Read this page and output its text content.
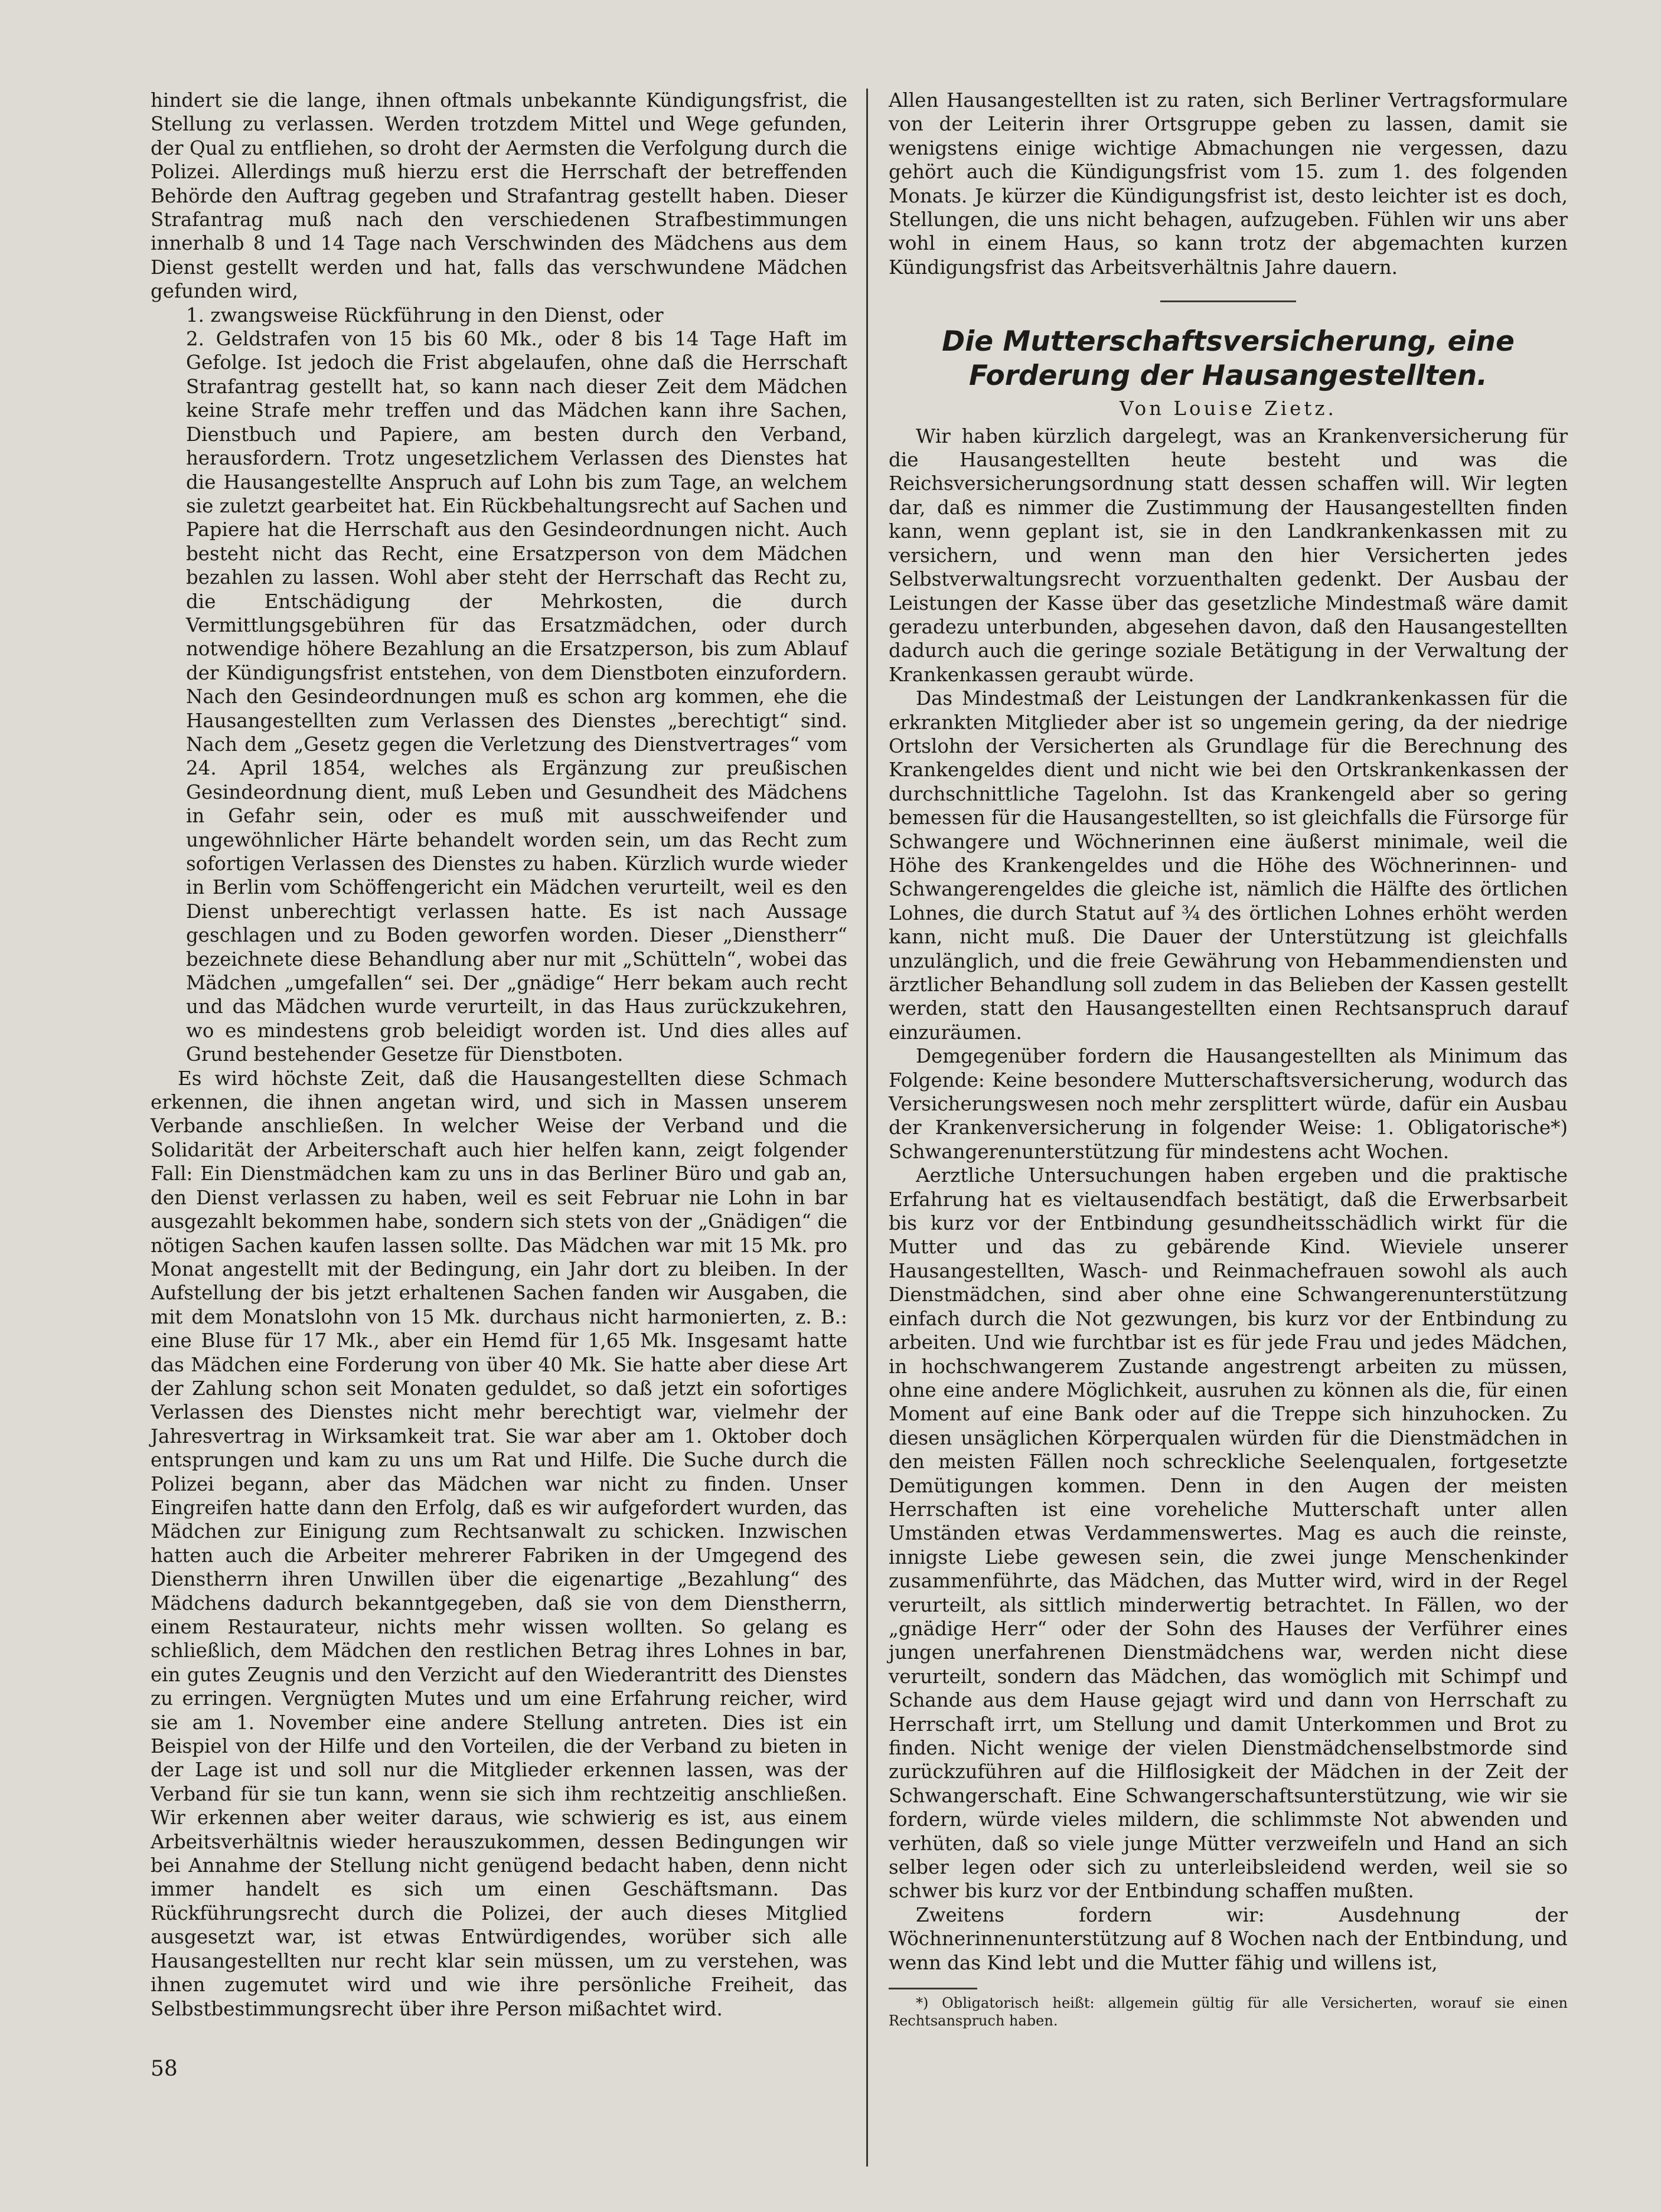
hindert sie die lange, ihnen oftmals unbekannte Kündigungsfrist, die Stellung zu verlassen. Werden trotzdem Mittel und Wege gefunden, der Qual zu entfliehen, so droht der Aermsten die Verfolgung durch die Polizei. Allerdings muß hierzu erst die Herrschaft der betreffenden Behörde den Auftrag gegeben und Strafantrag gestellt haben. Dieser Strafantrag muß nach den verschiedenen Strafbestimmungen innerhalb 8 und 14 Tage nach Verschwinden des Mädchens aus dem Dienst gestellt werden und hat, falls das verschwundene Mädchen gefunden wird,

1. zwangsweise Rückführung in den Dienst, oder

2. Geldstrafen von 15 bis 60 Mk., oder 8 bis 14 Tage Haft im Gefolge. Ist jedoch die Frist abgelaufen, ohne daß die Herrschaft Strafantrag gestellt hat, so kann nach dieser Zeit dem Mädchen keine Strafe mehr treffen und das Mädchen kann ihre Sachen, Dienstbuch und Papiere, am besten durch den Verband, herausfordern. Trotz ungesetzlichem Verlassen des Dienstes hat die Hausangestellte Anspruch auf Lohn bis zum Tage, an welchem sie zuletzt gearbeitet hat. Ein Rückbehaltungsrecht auf Sachen und Papiere hat die Herrschaft aus den Gesindeordnungen nicht. Auch besteht nicht das Recht, eine Ersatzperson von dem Mädchen bezahlen zu lassen. Wohl aber steht der Herrschaft das Recht zu, die Entschädigung der Mehrkosten, die durch Vermittlungsgebühren für das Ersatzmädchen, oder durch notwendige höhere Bezahlung an die Ersatzperson, bis zum Ablauf der Kündigungsfrist entstehen, von dem Dienstboten einzufordern. Nach den Gesindeordnungen muß es schon arg kommen, ehe die Hausangestellten zum Verlassen des Dienstes „berechtigt“ sind. Nach dem „Gesetz gegen die Verletzung des Dienstvertrages“ vom 24. April 1854, welches als Ergänzung zur preußischen Gesindeordnung dient, muß Leben und Gesundheit des Mädchens in Gefahr sein, oder es muß mit ausschweifender und ungewöhnlicher Härte behandelt worden sein, um das Recht zum sofortigen Verlassen des Dienstes zu haben. Kürzlich wurde wieder in Berlin vom Schöffengericht ein Mädchen verurteilt, weil es den Dienst unberechtigt verlassen hatte. Es ist nach Aussage geschlagen und zu Boden geworfen worden. Dieser „Dienstherr“ bezeichnete diese Behandlung aber nur mit „Schütteln“, wobei das Mädchen „umgefallen“ sei. Der „gnädige“ Herr bekam auch recht und das Mädchen wurde verurteilt, in das Haus zurückzukehren, wo es mindestens grob beleidigt worden ist. Und dies alles auf Grund bestehender Gesetze für Dienstboten.

Es wird höchste Zeit, daß die Hausangestellten diese Schmach erkennen, die ihnen angetan wird, und sich in Massen unserem Verbande anschließen. In welcher Weise der Verband und die Solidarität der Arbeiterschaft auch hier helfen kann, zeigt folgender Fall: Ein Dienstmädchen kam zu uns in das Berliner Büro und gab an, den Dienst verlassen zu haben, weil es seit Februar nie Lohn in bar ausgezahlt bekommen habe, sondern sich stets von der „Gnädigen“ die nötigen Sachen kaufen lassen sollte. Das Mädchen war mit 15 Mk. pro Monat angestellt mit der Bedingung, ein Jahr dort zu bleiben. In der Aufstellung der bis jetzt erhaltenen Sachen fanden wir Ausgaben, die mit dem Monatslohn von 15 Mk. durchaus nicht harmonierten, z. B.: eine Bluse für 17 Mk., aber ein Hemd für 1,65 Mk. Insgesamt hatte das Mädchen eine Forderung von über 40 Mk. Sie hatte aber diese Art der Zahlung schon seit Monaten geduldet, so daß jetzt ein sofortiges Verlassen des Dienstes nicht mehr berechtigt war, vielmehr der Jahresvertrag in Wirksamkeit trat. Sie war aber am 1. Oktober doch entsprungen und kam zu uns um Rat und Hilfe. Die Suche durch die Polizei begann, aber das Mädchen war nicht zu finden. Unser Eingreifen hatte dann den Erfolg, daß es wir aufgefordert wurden, das Mädchen zur Einigung zum Rechtsanwalt zu schicken. Inzwischen hatten auch die Arbeiter mehrerer Fabriken in der Umgegend des Dienstherrn ihren Unwillen über die eigenartige „Bezahlung“ des Mädchens dadurch bekanntgegeben, daß sie von dem Dienstherrn, einem Restaurateur, nichts mehr wissen wollten. So gelang es schließlich, dem Mädchen den restlichen Betrag ihres Lohnes in bar, ein gutes Zeugnis und den Verzicht auf den Wiederantritt des Dienstes zu erringen. Vergnügten Mutes und um eine Erfahrung reicher, wird sie am 1. November eine andere Stellung antreten. Dies ist ein Beispiel von der Hilfe und den Vorteilen, die der Verband zu bieten in der Lage ist und soll nur die Mitglieder erkennen lassen, was der Verband für sie tun kann, wenn sie sich ihm rechtzeitig anschließen. Wir erkennen aber weiter daraus, wie schwierig es ist, aus einem Arbeitsverhältnis wieder herauszukommen, dessen Bedingungen wir bei Annahme der Stellung nicht genügend bedacht haben, denn nicht immer handelt es sich um einen Geschäftsmann. Das Rückführungsrecht durch die Polizei, der auch dieses Mitglied ausgesetzt war, ist etwas Entwürdigendes, worüber sich alle Hausangestellten nur recht klar sein müssen, um zu verstehen, was ihnen zugemutet wird und wie ihre persönliche Freiheit, das Selbstbestimmungsrecht über ihre Person mißachtet wird.

Allen Hausangestellten ist zu raten, sich Berliner Vertragsformulare von der Leiterin ihrer Ortsgruppe geben zu lassen, damit sie wenigstens einige wichtige Abmachungen nie vergessen, dazu gehört auch die Kündigungsfrist vom 15. zum 1. des folgenden Monats. Je kürzer die Kündigungsfrist ist, desto leichter ist es doch, Stellungen, die uns nicht behagen, aufzugeben. Fühlen wir uns aber wohl in einem Haus, so kann trotz der abgemachten kurzen Kündigungsfrist das Arbeitsverhältnis Jahre dauern.

Die Mutterschaftsversicherung, eine Forderung der Hausangestellten.
Von Louise Zietz.

Wir haben kürzlich dargelegt, was an Krankenversicherung für die Hausangestellten heute besteht und was die Reichsversicherungsordnung statt dessen schaffen will. Wir legten dar, daß es nimmer die Zustimmung der Hausangestellten finden kann, wenn geplant ist, sie in den Landkrankenkassen mit zu versichern, und wenn man den hier Versicherten jedes Selbstverwaltungsrecht vorzuenthalten gedenkt. Der Ausbau der Leistungen der Kasse über das gesetzliche Mindestmaß wäre damit geradezu unterbunden, abgesehen davon, daß den Hausangestellten dadurch auch die geringe soziale Betätigung in der Verwaltung der Krankenkassen geraubt würde.

Das Mindestmaß der Leistungen der Landkrankenkassen für die erkrankten Mitglieder aber ist so ungemein gering, da der niedrige Ortslohn der Versicherten als Grundlage für die Berechnung des Krankengeldes dient und nicht wie bei den Ortskrankenkassen der durchschnittliche Tagelohn. Ist das Krankengeld aber so gering bemessen für die Hausangestellten, so ist gleichfalls die Fürsorge für Schwangere und Wöchnerinnen eine äußerst minimale, weil die Höhe des Krankengeldes und die Höhe des Wöchnerinnen- und Schwangerengeldes die gleiche ist, nämlich die Hälfte des örtlichen Lohnes, die durch Statut auf ¾ des örtlichen Lohnes erhöht werden kann, nicht muß. Die Dauer der Unterstützung ist gleichfalls unzulänglich, und die freie Gewährung von Hebammendiensten und ärztlicher Behandlung soll zudem in das Belieben der Kassen gestellt werden, statt den Hausangestellten einen Rechtsanspruch darauf einzuräumen.

Demgegenüber fordern die Hausangestellten als Minimum das Folgende: Keine besondere Mutterschaftsversicherung, wodurch das Versicherungswesen noch mehr zersplittert würde, dafür ein Ausbau der Krankenversicherung in folgender Weise: 1. Obligatorische*) Schwangerenunterstützung für mindestens acht Wochen.

Aerztliche Untersuchungen haben ergeben und die praktische Erfahrung hat es vieltausendfach bestätigt, daß die Erwerbsarbeit bis kurz vor der Entbindung gesundheitsschädlich wirkt für die Mutter und das zu gebärende Kind. Wieviele unserer Hausangestellten, Wasch- und Reinmachefrauen sowohl als auch Dienstmädchen, sind aber ohne eine Schwangerenunterstützung einfach durch die Not gezwungen, bis kurz vor der Entbindung zu arbeiten. Und wie furchtbar ist es für jede Frau und jedes Mädchen, in hochschwangerem Zustande angestrengt arbeiten zu müssen, ohne eine andere Möglichkeit, ausruhen zu können als die, für einen Moment auf eine Bank oder auf die Treppe sich hinzuhocken. Zu diesen unsäglichen Körperqualen würden für die Dienstmädchen in den meisten Fällen noch schreckliche Seelenqualen, fortgesetzte Demütigungen kommen. Denn in den Augen der meisten Herrschaften ist eine voreheliche Mutterschaft unter allen Umständen etwas Verdammenswertes. Mag es auch die reinste, innigste Liebe gewesen sein, die zwei junge Menschenkinder zusammenführte, das Mädchen, das Mutter wird, wird in der Regel verurteilt, als sittlich minderwertig betrachtet. In Fällen, wo der „gnädige Herr“ oder der Sohn des Hauses der Verführer eines jungen unerfahrenen Dienstmädchens war, werden nicht diese verurteilt, sondern das Mädchen, das womöglich mit Schimpf und Schande aus dem Hause gejagt wird und dann von Herrschaft zu Herrschaft irrt, um Stellung und damit Unterkommen und Brot zu finden. Nicht wenige der vielen Dienstmädchenselbstmorde sind zurückzuführen auf die Hilflosigkeit der Mädchen in der Zeit der Schwangerschaft. Eine Schwangerschaftsunterstützung, wie wir sie fordern, würde vieles mildern, die schlimmste Not abwenden und verhüten, daß so viele junge Mütter verzweifeln und Hand an sich selber legen oder sich zu unterleibsleidend werden, weil sie so schwer bis kurz vor der Entbindung schaffen mußten.

Zweitens fordern wir: Ausdehnung der Wöchnerinnenunterstützung auf 8 Wochen nach der Entbindung, und wenn das Kind lebt und die Mutter fähig und willens ist,

*) Obligatorisch heißt: allgemein gültig für alle Versicherten, worauf sie einen Rechtsanspruch haben.

58
